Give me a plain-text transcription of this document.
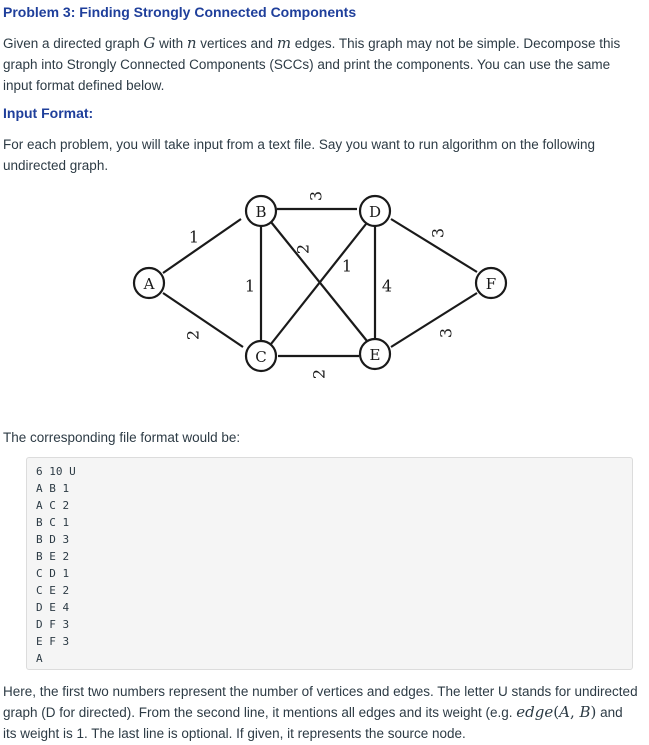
Problem 3: Finding Strongly Connected Components
Given a directed graph G with n vertices and m edges. This graph may not be simple. Decompose this graph into Strongly Connected Components (SCCs) and print the components. You can use the same input format defined below.
Input Format:
For each problem, you will take input from a text file. Say you want to run algorithm on the following undirected graph.
A
B
C
D
E
F
1
2
1
3
2
1
2
4
3
3
The corresponding file format would be:
6 10 U
A B 1
A C 2
B C 1
B D 3
B E 2
C D 1
C E 2
D E 4
D F 3
E F 3
A
Here, the first two numbers represent the number of vertices and edges. The letter U stands for undirected graph (D for directed). From the second line, it mentions all edges and its weight (e.g. edge(A, B) and its weight is 1. The last line is optional. If given, it represents the source node.
